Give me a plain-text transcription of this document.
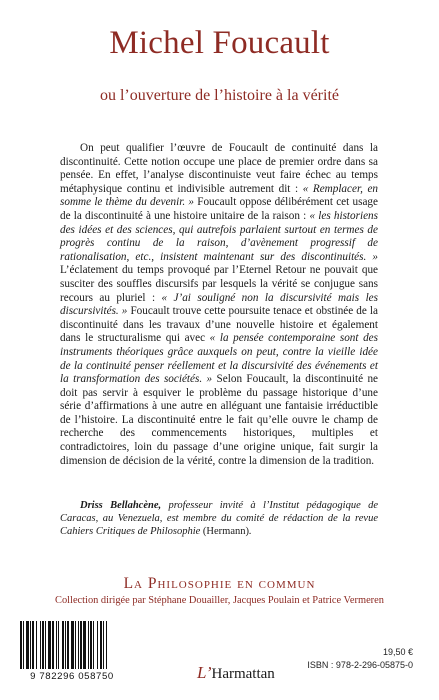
Michel Foucault
ou l’ouverture de l’histoire à la vérité

On peut qualifier l’œuvre de Foucault de continuité dans la discontinuité. Cette notion occupe une place de premier ordre dans sa pensée. En effet, l’analyse discontinuiste veut faire échec au temps métaphysique continu et indivisible autrement dit : « Remplacer, en somme le thème du devenir. » Foucault oppose délibérément cet usage de la discontinuité à une histoire unitaire de la raison : « les historiens des idées et des sciences, qui autrefois parlaient surtout en termes de progrès continu de la raison, d’avènement progressif de rationalisation, etc., insistent maintenant sur des discontinuités. » L’éclatement du temps provoqué par l’Eternel Retour ne pouvait que susciter des souffles discursifs par lesquels la vérité se conjugue sans recours au pluriel : « J’ai souligné non la discursivité mais les discursivités. » Foucault trouve cette poursuite tenace et obstinée de la discontinuité dans les travaux d’une nouvelle histoire et également dans le structuralisme qui avec « la pensée contemporaine sont des instruments théoriques grâce auxquels on peut, contre la vieille idée de la continuité penser réellement et la discursivité des événements et la transformation des sociétés. » Selon Foucault, la discontinuité ne doit pas servir à esquiver le problème du passage historique d’une série d’affirmations à une autre en alléguant une fantaisie irréductible de l’histoire. La discontinuité entre le fait qu’elle ouvre le champ de recherche des commencements historiques, multiples et contradictoires, loin du passage d’une origine unique, fait surgir la dimension de décision de la vérité, contre la dimension de la tradition.

Driss Bellahcène, professeur invité à l’Institut pédagogique de Caracas, au Venezuela, est membre du comité de rédaction de la revue Cahiers Critiques de Philosophie (Hermann).

La Philosophie en commun
Collection dirigée par Stéphane Douailler, Jacques Poulain et Patrice Vermeren
9 782296 058750	L’Harmattan
19,50 €
ISBN : 978-2-296-05875-0
